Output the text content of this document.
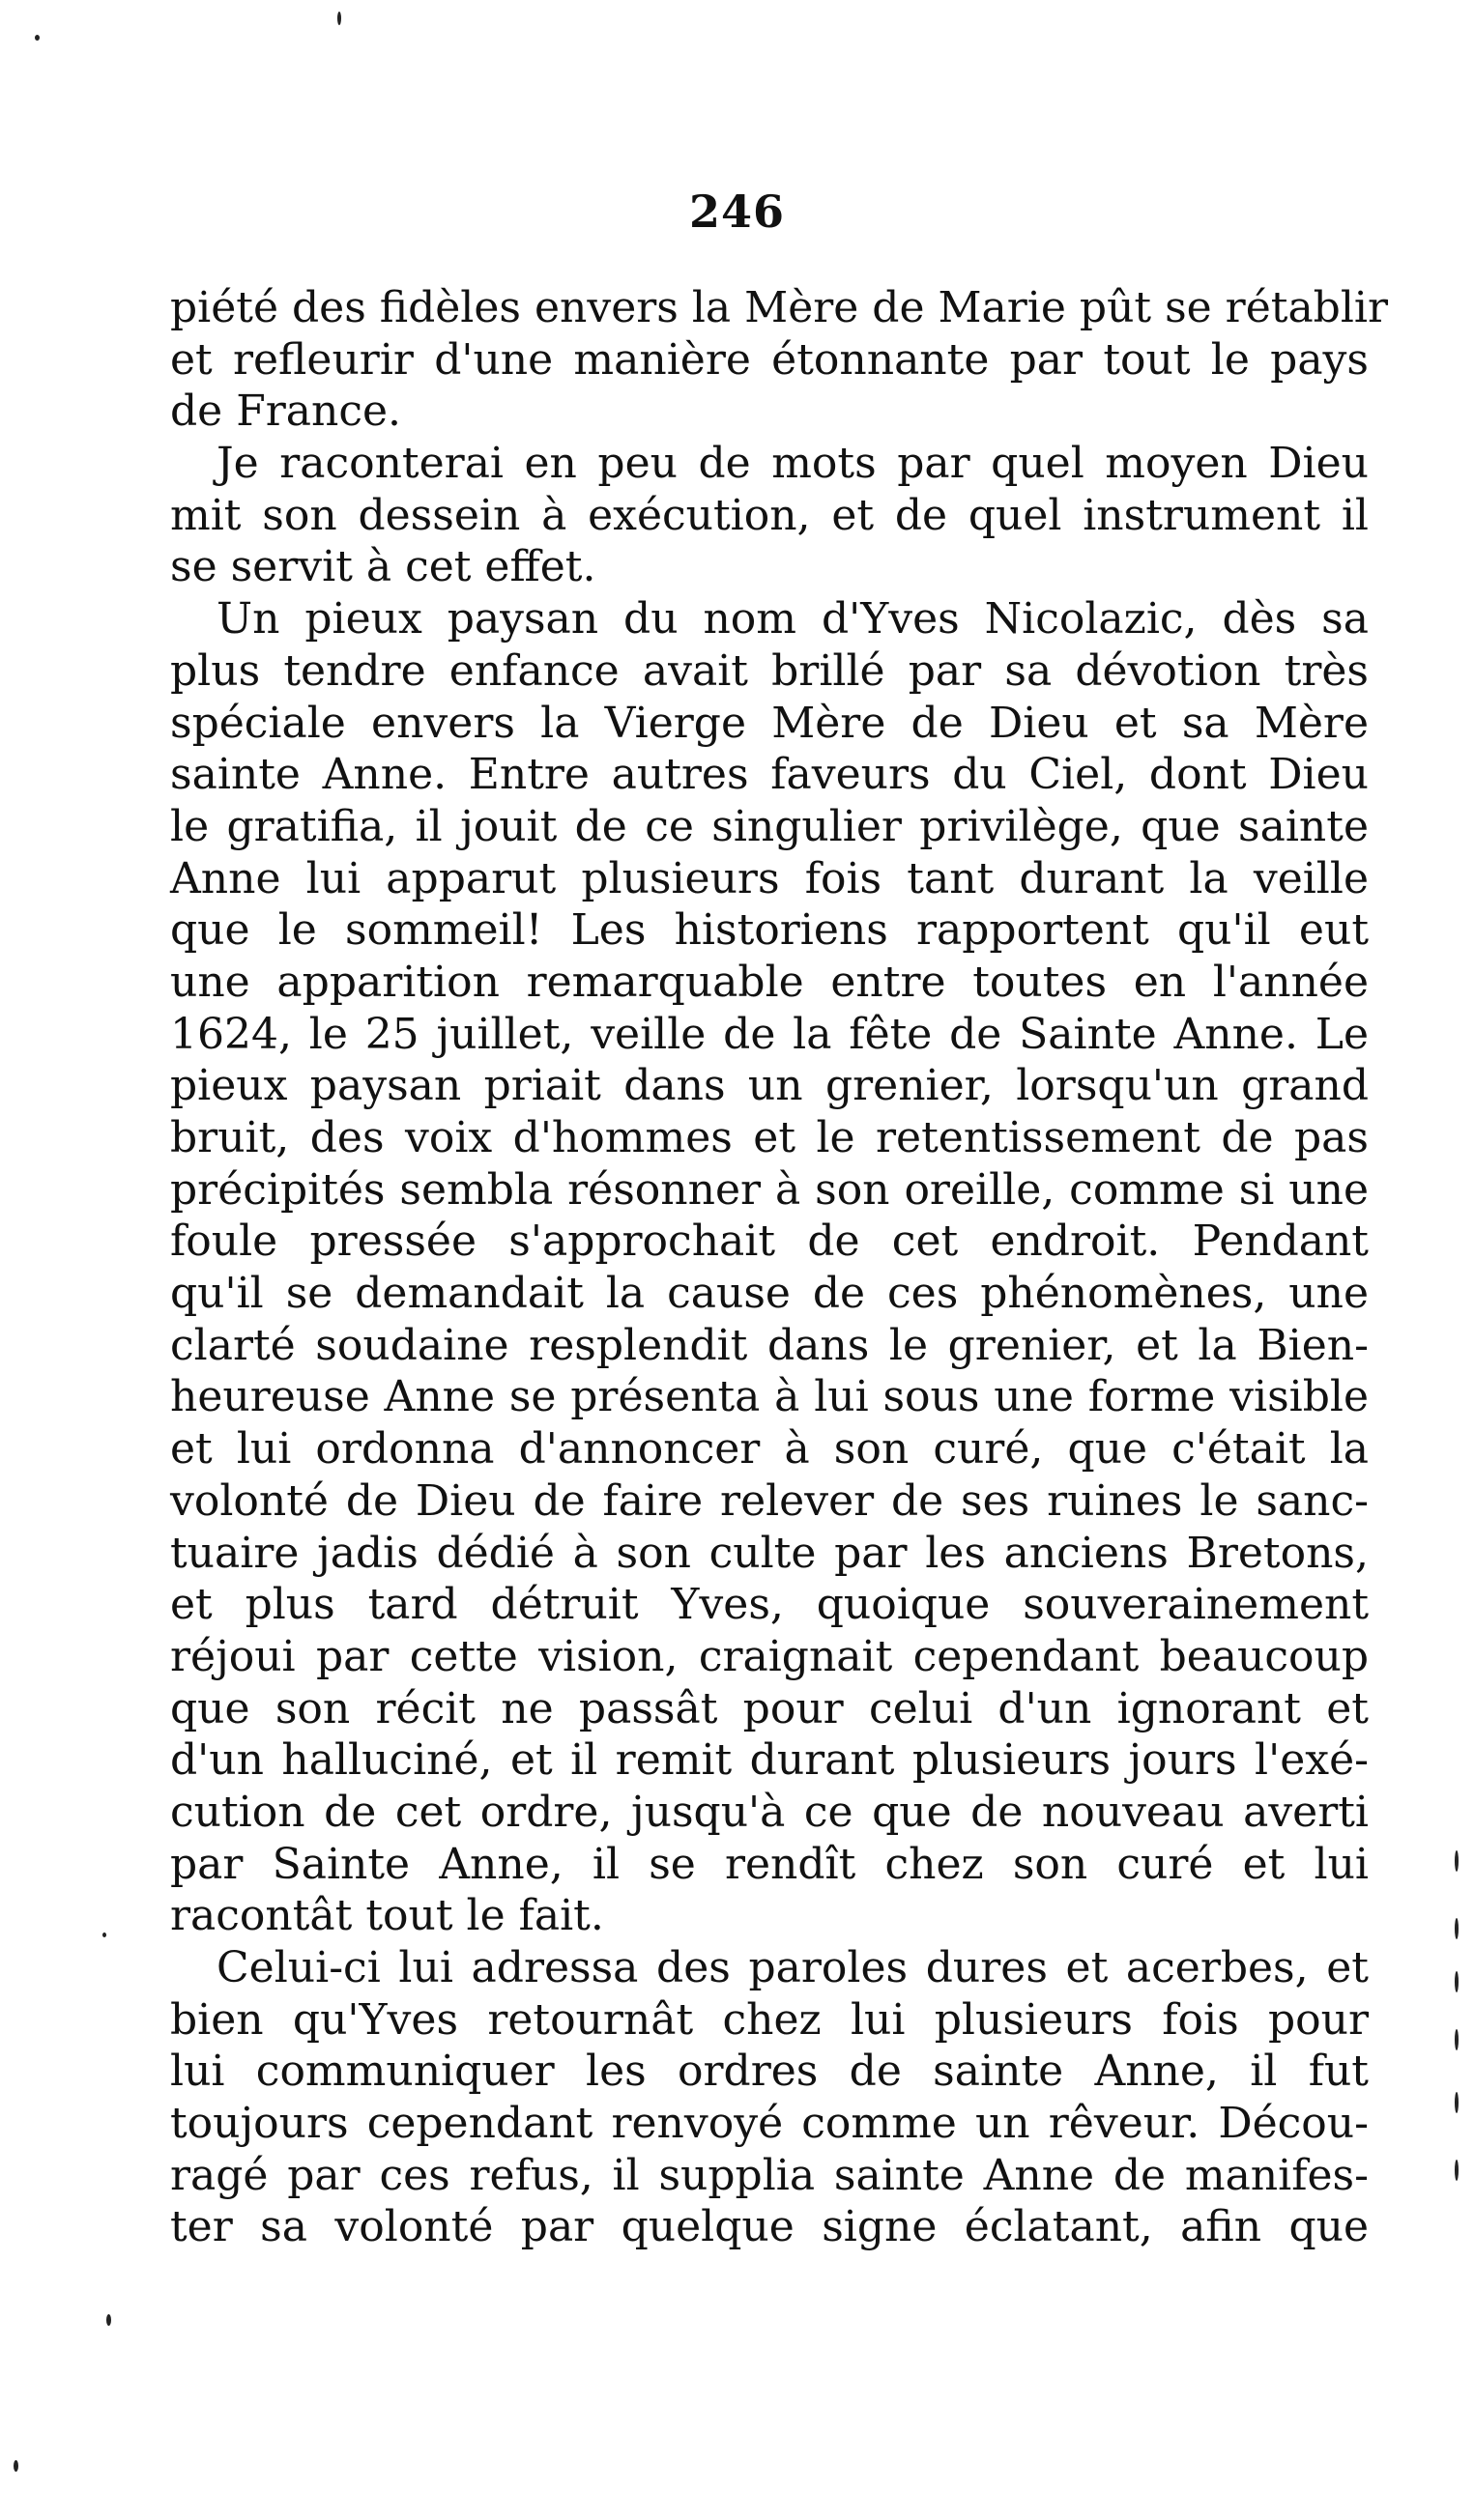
246
piété des fidèles envers la Mère de Marie pût se rétablir
et refleurir d'une manière étonnante par tout le pays
de France.
Je raconterai en peu de mots par quel moyen Dieu
mit son dessein à exécution, et de quel instrument il
se servit à cet effet.
Un pieux paysan du nom d'Yves Nicolazic, dès sa
plus tendre enfance avait brillé par sa dévotion très
spéciale envers la Vierge Mère de Dieu et sa Mère
sainte Anne. Entre autres faveurs du Ciel, dont Dieu
le gratifia, il jouit de ce singulier privilège, que sainte
Anne lui apparut plusieurs fois tant durant la veille
que le sommeil! Les historiens rapportent qu'il eut
une apparition remarquable entre toutes en l'année
1624, le 25 juillet, veille de la fête de Sainte Anne. Le
pieux paysan priait dans un grenier, lorsqu'un grand
bruit, des voix d'hommes et le retentissement de pas
précipités sembla résonner à son oreille, comme si une
foule pressée s'approchait de cet endroit. Pendant
qu'il se demandait la cause de ces phénomènes, une
clarté soudaine resplendit dans le grenier, et la Bien-
heureuse Anne se présenta à lui sous une forme visible
et lui ordonna d'annoncer à son curé, que c'était la
volonté de Dieu de faire relever de ses ruines le sanc-
tuaire jadis dédié à son culte par les anciens Bretons,
et plus tard détruit Yves, quoique souverainement
réjoui par cette vision, craignait cependant beaucoup
que son récit ne passât pour celui d'un ignorant et
d'un halluciné, et il remit durant plusieurs jours l'exé-
cution de cet ordre, jusqu'à ce que de nouveau averti
par Sainte Anne, il se rendît chez son curé et lui
racontât tout le fait.
Celui-ci lui adressa des paroles dures et acerbes, et
bien qu'Yves retournât chez lui plusieurs fois pour
lui communiquer les ordres de sainte Anne, il fut
toujours cependant renvoyé comme un rêveur. Décou-
ragé par ces refus, il supplia sainte Anne de manifes-
ter sa volonté par quelque signe éclatant, afin que
